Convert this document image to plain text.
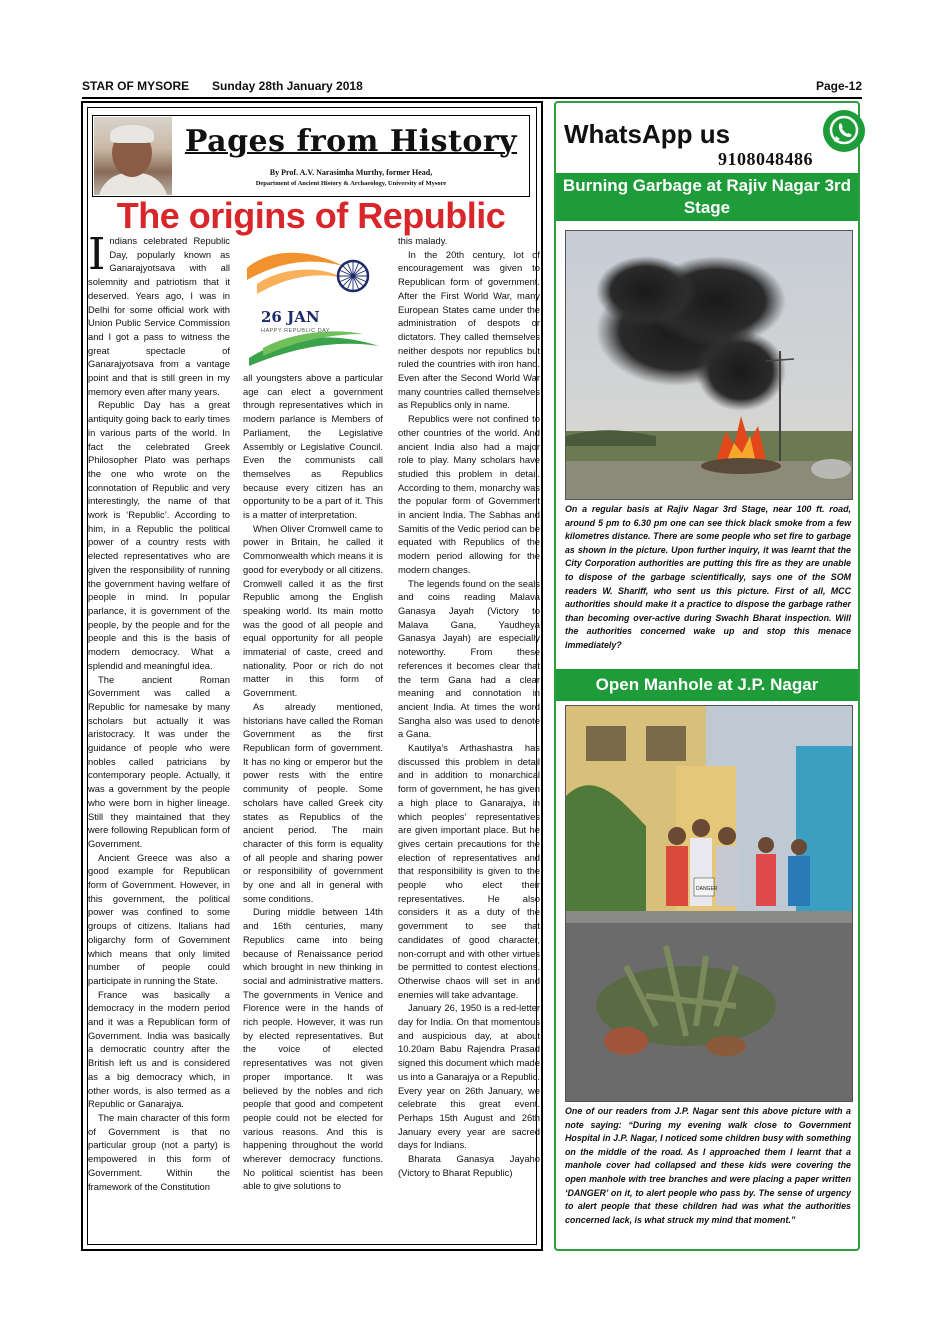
STAR OF MYSORE Sunday 28th January 2018	Page-12
Pages from History
By Prof. A.V. Narasimha Murthy, former Head,
Department of Ancient History & Archaeology, University of Mysore
The origins of Republic

Indians celebrated Republic Day, popularly known as Ganarajyotsava with all solemnity and patriotism that it deserved. Years ago, I was in Delhi for some official work with Union Public Service Commission and I got a pass to witness the great spectacle of Ganarajyotsava from a vantage point and that is still green in my memory even after many years.

Republic Day has a great antiquity going back to early times in various parts of the world. In fact the celebrated Greek Philosopher Plato was perhaps the one who wrote on the connotation of Republic and very interestingly, the name of that work is ‘Republic’. According to him, in a Republic the political power of a country rests with elected representatives who are given the responsibility of running the government having welfare of people in mind. In popular parlance, it is government of the people, by the people and for the people and this is the basis of modern democracy. What a splendid and meaningful idea.

The ancient Roman Government was called a Republic for namesake by many scholars but actually it was aristocracy. It was under the guidance of people who were nobles called patricians by contemporary people. Actually, it was a government by the people who were born in higher lineage. Still they maintained that they were following Republican form of Government.

Ancient Greece was also a good example for Republican form of Government. However, in this government, the political power was confined to some groups of citizens. Italians had oligarchy form of Government which means that only limited number of people could participate in running the State.

France was basically a democracy in the modern period and it was a Republican form of Government. India was basically a democratic country after the British left us and is considered as a big democracy which, in other words, is also termed as a Republic or Ganarajya.

The main character of this form of Government is that no particular group (not a party) is empowered in this form of Government. Within the framework of the Constitution

26 JAN
HAPPY REPUBLIC DAY

all youngsters above a particular age can elect a government through representatives which in modern parlance is Members of Parliament, the Legislative Assembly or Legislative Council. Even the communists call themselves as Republics because every citizen has an opportunity to be a part of it. This is a matter of interpretation.

When Oliver Cromwell came to power in Britain, he called it Commonwealth which means it is good for everybody or all citizens. Cromwell called it as the first Republic among the English speaking world. Its main motto was the good of all people and equal opportunity for all people immaterial of caste, creed and nationality. Poor or rich do not matter in this form of Government.

As already mentioned, historians have called the Roman Government as the first Republican form of government. It has no king or emperor but the power rests with the entire community of people. Some scholars have called Greek city states as Republics of the ancient period. The main character of this form is equality of all people and sharing power or responsibility of government by one and all in general with some conditions.

During middle between 14th and 16th centuries, many Republics came into being because of Renaissance period which brought in new thinking in social and administrative matters. The governments in Venice and Florence were in the hands of rich people. However, it was run by elected representatives. But the voice of elected representatives was not given proper importance. It was believed by the nobles and rich people that good and competent people could not be elected for various reasons. And this is happening throughout the world wherever democracy functions. No political scientist has been able to give solutions to

this malady.

In the 20th century, lot of encouragement was given to Republican form of government. After the First World War, many European States came under the administration of despots or dictators. They called themselves neither despots nor republics but ruled the countries with iron hand. Even after the Second World War many countries called themselves as Republics only in name.

Republics were not confined to other countries of the world. And ancient India also had a major role to play. Many scholars have studied this problem in detail. According to them, monarchy was the popular form of Government in ancient India. The Sabhas and Samitis of the Vedic period can be equated with Republics of the modern period allowing for the modern changes.

The legends found on the seals and coins reading Malava Ganasya Jayah (Victory to Malava Gana, Yaudheya Ganasya Jayah) are especially noteworthy. From these references it becomes clear that the term Gana had a clear meaning and connotation in ancient India. At times the word Sangha also was used to denote a Gana.

Kautilya’s Arthashastra has discussed this problem in detail and in addition to monarchical form of government, he has given a high place to Ganarajya, in which peoples’ representatives are given important place. But he gives certain precautions for the election of representatives and that responsibility is given to the people who elect their representatives. He also considers it as a duty of the government to see that candidates of good character, non-corrupt and with other virtues be permitted to contest elections. Otherwise chaos will set in and enemies will take advantage.

January 26, 1950 is a red-letter day for India. On that momentous and auspicious day, at about 10.20am Babu Rajendra Prasad signed this document which made us into a Ganarajya or a Republic. Every year on 26th January, we celebrate this great event. Perhaps 15th August and 26th January every year are sacred days for Indians.

Bharata Ganasya Jayaho (Victory to Bharat Republic)

WhatsApp us
9108048486
Burning Garbage at Rajiv Nagar 3rd Stage
On a regular basis at Rajiv Nagar 3rd Stage, near 100 ft. road, around 5 pm to 6.30 pm one can see thick black smoke from a few kilometres distance. There are some people who set fire to garbage as shown in the picture. Upon further inquiry, it was learnt that the City Corporation authorities are putting this fire as they are unable to dispose of the garbage scientifically, says one of the SOM readers W. Shariff, who sent us this picture. First of all, MCC authorities should make it a practice to dispose the garbage rather than becoming over-active during Swachh Bharat inspection. Will the authorities concerned wake up and stop this menace immediately?
Open Manhole at J.P. Nagar
DANGER
One of our readers from J.P. Nagar sent this above picture with a note saying: “During my evening walk close to Government Hospital in J.P. Nagar, I noticed some children busy with something on the middle of the road. As I approached them I learnt that a manhole cover had collapsed and these kids were covering the open manhole with tree branches and were placing a paper written ‘DANGER’ on it, to alert people who pass by. The sense of urgency to alert people that these children had was what the authorities concerned lack, is what struck my mind that moment.”
